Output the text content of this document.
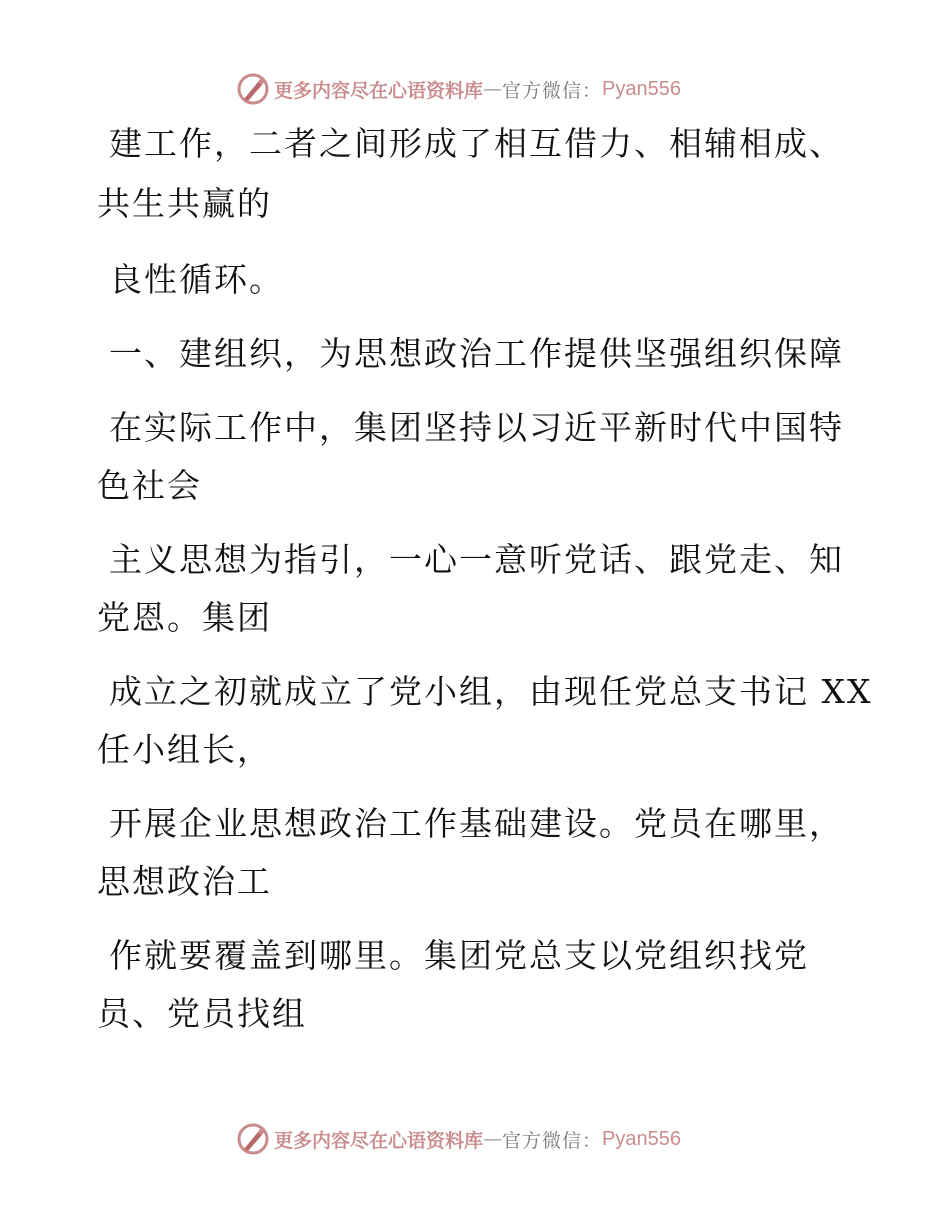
更多内容尽在心语资料库 — 官方微信： Pyan556
建工作，二者之间形成了相互借力、相辅相成、
共生共赢的
良性循环。
一、建组织，为思想政治工作提供坚强组织保障
在实际工作中，集团坚持以习近平新时代中国特
色社会
主义思想为指引，一心一意听党话、跟党走、知
党恩。集团
成立之初就成立了党小组，由现任党总支书记 XX
任小组长，
开展企业思想政治工作基础建设。党员在哪里，
思想政治工
作就要覆盖到哪里。集团党总支以党组织找党
员、党员找组
更多内容尽在心语资料库 — 官方微信： Pyan556
